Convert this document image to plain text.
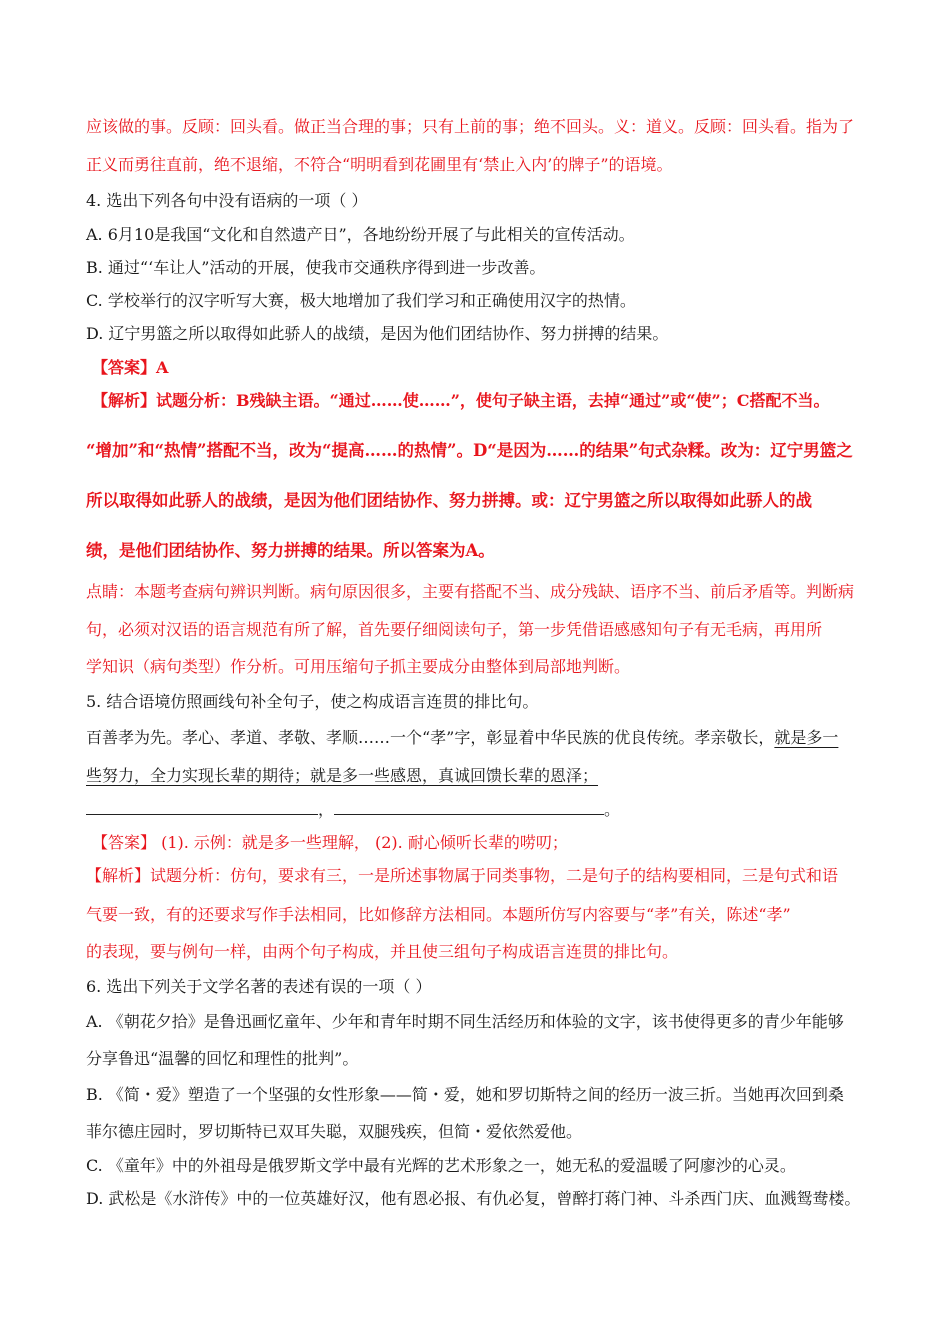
应该做的事。反顾：回头看。做正当合理的事；只有上前的事；绝不回头。义：道义。反顾：回头看。指为了
正义而勇往直前，绝不退缩，不符合“明明看到花圃里有‘禁止入内’的牌子”的语境。
4. 选出下列各句中没有语病的一项（ ）
A. 6月10是我国“文化和自然遗产日”，各地纷纷开展了与此相关的宣传活动。
B. 通过“‘车让人”活动的开展，使我市交通秩序得到进一步改善。
C. 学校举行的汉字听写大赛，极大地增加了我们学习和正确使用汉字的热情。
D. 辽宁男篮之所以取得如此骄人的战绩，是因为他们团结协作、努力拼搏的结果。
【答案】A
【解析】试题分析：B残缺主语。“通过……使……”，使句子缺主语，去掉“通过”或“使”；C搭配不当。
“增加”和“热情”搭配不当，改为“提高……的热情”。D“是因为……的结果”句式杂糅。改为：辽宁男篮之
所以取得如此骄人的战绩，是因为他们团结协作、努力拼搏。或：辽宁男篮之所以取得如此骄人的战
绩，是他们团结协作、努力拼搏的结果。所以答案为A。
点睛：本题考查病句辨识判断。病句原因很多，主要有搭配不当、成分残缺、语序不当、前后矛盾等。判断病
句，必须对汉语的语言规范有所了解，首先要仔细阅读句子，第一步凭借语感感知句子有无毛病，再用所
学知识（病句类型）作分析。可用压缩句子抓主要成分由整体到局部地判断。
5. 结合语境仿照画线句补全句子，使之构成语言连贯的排比句。
百善孝为先。孝心、孝道、孝敬、孝顺……一个“孝”字，彰显着中华民族的优良传统。孝亲敬长，就是多一
些努力，全力实现长辈的期待；就是多一些感恩，真诚回馈长辈的恩泽；
，	。
【答案】 (1). 示例：就是多一些理解， (2). 耐心倾听长辈的唠叨；
【解析】试题分析：仿句，要求有三，一是所述事物属于同类事物，二是句子的结构要相同，三是句式和语
气要一致，有的还要求写作手法相同，比如修辞方法相同。本题所仿写内容要与“孝”有关，陈述“孝”
的表现，要与例句一样，由两个句子构成，并且使三组句子构成语言连贯的排比句。
6. 选出下列关于文学名著的表述有误的一项（ ）
A. 《朝花夕拾》是鲁迅画忆童年、少年和青年时期不同生活经历和体验的文字，该书使得更多的青少年能够
分享鲁迅“温馨的回忆和理性的批判”。
B. 《简・爱》塑造了一个坚强的女性形象——简・爱，她和罗切斯特之间的经历一波三折。当她再次回到桑
菲尔德庄园时，罗切斯特已双耳失聪，双腿残疾，但简・爱依然爱他。
C. 《童年》中的外祖母是俄罗斯文学中最有光辉的艺术形象之一，她无私的爱温暖了阿廖沙的心灵。
D. 武松是《水浒传》中的一位英雄好汉，他有恩必报、有仇必复，曾醉打蒋门神、斗杀西门庆、血溅鸳鸯楼。
